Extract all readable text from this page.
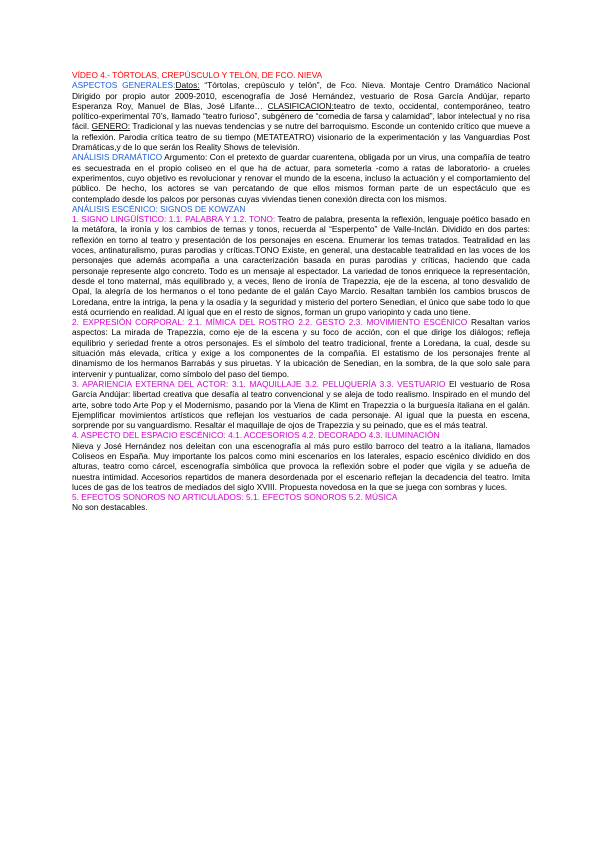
VÍDEO 4.- TÓRTOLAS, CREPÚSCULO Y TELÓN, DE FCO. NIEVA

ASPECTOS GENERALES:Datos: “Tórtolas, crepúsculo y telón”, de Fco. Nieva. Montaje Centro Dramático Nacional Dirigido por propio autor 2009-2010, escenografía de José Hernández, vestuario de Rosa García Andújar, reparto Esperanza Roy, Manuel de Blas, José Lifante… CLASIFICACION:teatro de texto, occidental, contemporáneo, teatro político-experimental 70’s, llamado “teatro furioso”, subgénero de “comedia de farsa y calamidad”, labor intelectual y no risa fácil. GENERO: Tradicional y las nuevas tendencias y se nutre del barroquismo. Esconde un contenido crítico que mueve a la reflexión. Parodia crítica teatro de su tiempo (METATEATRO) visionario de la experimentación y las Vanguardias Post Dramáticas,y de lo que serán los Reality Shows de televisión.

ANÁLISIS DRAMÁTICO Argumento: Con el pretexto de guardar cuarentena, obligada por un virus, una compañía de teatro es secuestrada en el propio coliseo en el que ha de actuar, para someterla -como a ratas de laboratorio- a crueles experimentos, cuyo objetivo es revolucionar y renovar el mundo de la escena, incluso la actuación y el comportamiento del público. De hecho, los actores se van percatando de que ellos mismos forman parte de un espectáculo que es contemplado desde los palcos por personas cuyas viviendas tienen conexión directa con los mismos.

ANÁLISIS ESCÉNICO: SIGNOS DE KOWZAN

1. SIGNO LINGÜÍSTICO: 1.1. PALABRA Y 1.2. TONO: Teatro de palabra, presenta la reflexión, lenguaje poético basado en la metáfora, la ironía y los cambios de temas y tonos, recuerda al “Esperpento” de Valle-Inclán. Dividido en dos partes: reflexión en torno al teatro y presentación de los personajes en escena. Enumerar los temas tratados. Teatralidad en las voces, antinaturalismo, puras parodias y críticas.TONO Existe, en general, una destacable teatralidad en las voces de los personajes que además acompaña a una caracterización basada en puras parodias y críticas, haciendo que cada personaje represente algo concreto. Todo es un mensaje al espectador. La variedad de tonos enriquece la representación, desde el tono maternal, más equilibrado y, a veces, lleno de ironía de Trapezzia, eje de la escena, al tono desvalido de Opal, la alegría de los hermanos o el tono pedante de el galán Cayo Marcio. Resaltan también los cambios bruscos de Loredana, entre la intriga, la pena y la osadía y la seguridad y misterio del portero Senedian, el único que sabe todo lo que está ocurriendo en realidad. Al igual que en el resto de signos, forman un grupo variopinto y cada uno tiene.

2. EXPRESIÓN CORPORAL: 2.1. MÍMICA DEL ROSTRO 2.2. GESTO 2.3. MOVIMIENTO ESCÉNICO Resaltan varios aspectos: La mirada de Trapezzia, como eje de la escena y su foco de acción, con el que dirige los diálogos; refleja equilibrio y seriedad frente a otros personajes. Es el símbolo del teatro tradicional, frente a Loredana, la cual, desde su situación más elevada, crítica y exige a los componentes de la compañía. El estatismo de los personajes frente al dinamismo de los hermanos Barrabás y sus piruetas. Y la ubicación de Senedian, en la sombra, de la que solo sale para intervenir y puntualizar, como símbolo del paso del tiempo.

3. APARIENCIA EXTERNA DEL ACTOR: 3.1. MAQUILLAJE 3.2. PELUQUERÍA 3.3. VESTUARIO El vestuario de Rosa García Andújar: libertad creativa que desafía al teatro convencional y se aleja de todo realismo. Inspirado en el mundo del arte, sobre todo Arte Pop y el Modernismo, pasando por la Viena de Klimt en Trapezzia o la burguesía italiana en el galán. Ejemplificar movimientos artísticos que reflejan los vestuarios de cada personaje. Al igual que la puesta en escena, sorprende por su vanguardismo. Resaltar el maquillaje de ojos de Trapezzia y su peinado, que es el más teatral.

4. ASPECTO DEL ESPACIO ESCÉNICO: 4.1. ACCESORIOS 4.2. DECORADO 4.3. ILUMINACIÓN

Nieva y José Hernández nos deleitan con una escenografía al más puro estilo barroco del teatro a la italiana, llamados Coliseos en España. Muy importante los palcos como mini escenarios en los laterales, espacio escénico dividido en dos alturas, teatro como cárcel, escenografía simbólica que provoca la reflexión sobre el poder que vigila y se adueña de nuestra intimidad. Accesorios repartidos de manera desordenada por el escenario reflejan la decadencia del teatro. Imita luces de gas de los teatros de mediados del siglo XVIII. Propuesta novedosa en la que se juega con sombras y luces.

5. EFECTOS SONOROS NO ARTICULADOS: 5.1. EFECTOS SONOROS 5.2. MÚSICA

No son destacables.
